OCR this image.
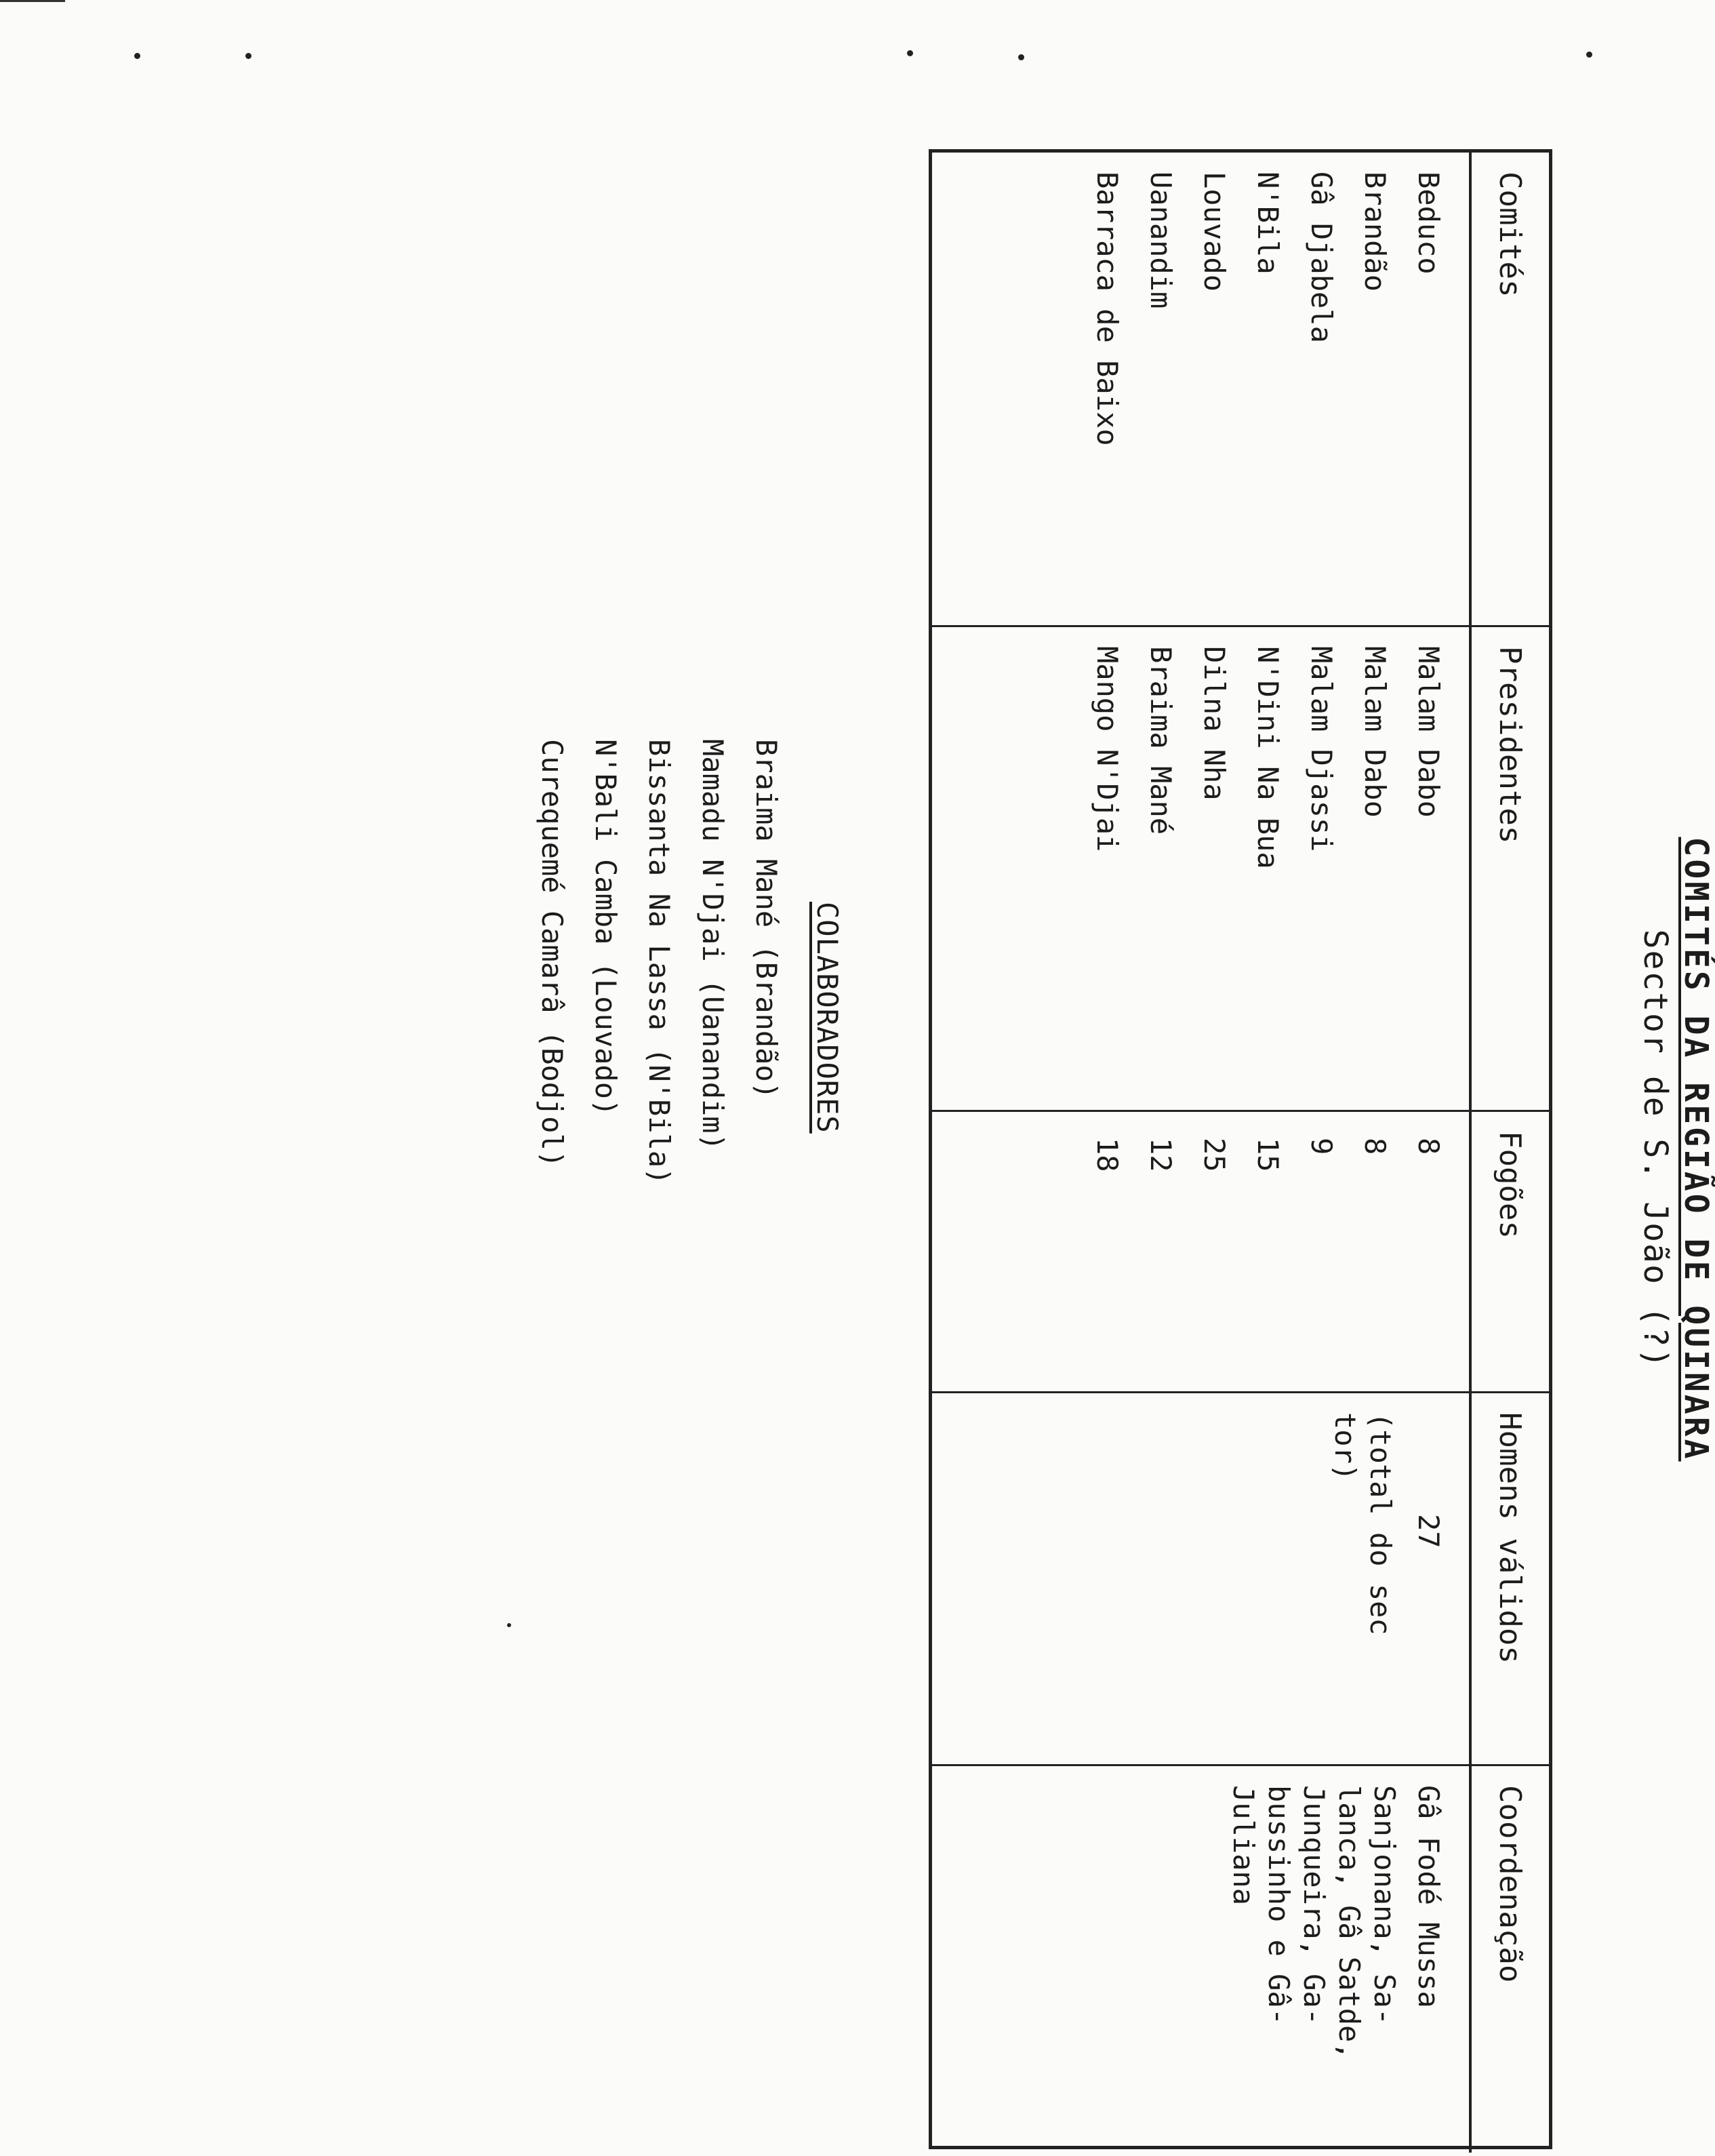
COMITÉS DA REGIÃO DE QUINARA
Sector de S. João (?)
Comités
Beduco
Brandão
Gâ Djabela
N'Bila
Louvado
Uanandim
Barraca de Baixo
Presidentes
Malam Dabo
Malam Dabo
Malam Djassi
N'Dini Na Bua
Dilna Nha
Braima Mané
Mango N'Djai
Fogões
8
8
9
15
25
12
18
Homens válidos
27
(total do sec
tor)
Coordenação
Gâ Fodé Mussa
Sanjonana, Sa-
lanca, Gâ Satde,
Junqueira, Ga-
bussinho e Gâ-
Juliana
COLABORADORES
Braima Mané (Brandão)
Mamadu N'Djai (Uanandim)
Bissanta Na Lassa (N'Bila)
N'Bali Camba (Louvado)
Curequemé Camarâ (Bodjol)
